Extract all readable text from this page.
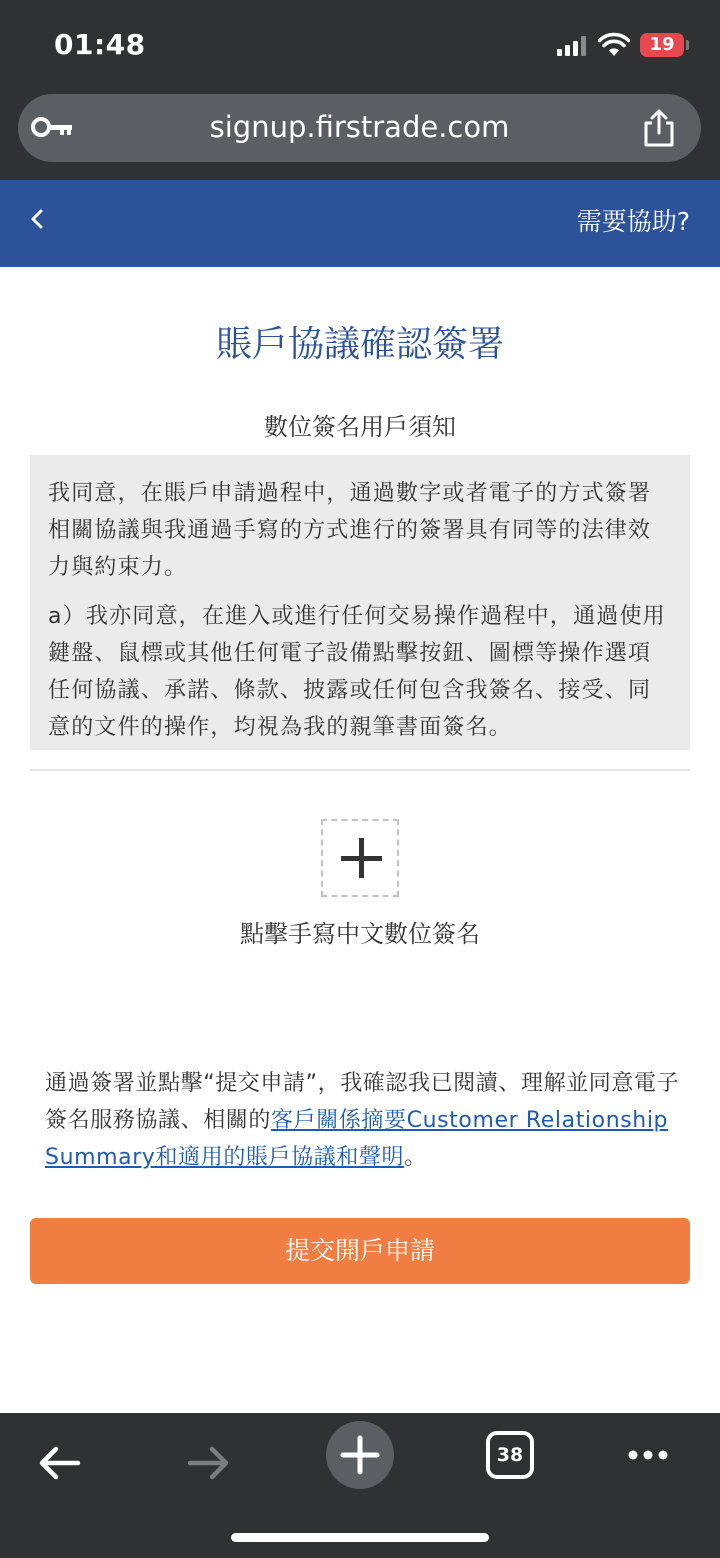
01:48	19
signup.firstrade.com
需要協助?
賬戶協議確認簽署
數位簽名用戶須知

我同意，在賬戶申請過程中，通過數字或者電子的方式簽署相關協議與我通過手寫的方式進行的簽署具有同等的法律效力與約束力。

a）我亦同意，在進入或進行任何交易操作過程中，通過使用鍵盤、鼠標或其他任何電子設備點擊按鈕、圖標等操作選項任何協議、承諾、條款、披露或任何包含我簽名、接受、同意的文件的操作，均視為我的親筆書面簽名。

點擊手寫中文數位簽名
通過簽署並點擊“提交申請”，我確認我已閱讀、理解並同意電子簽名服務協議、相關的客戶關係摘要Customer Relationship Summary和適用的賬戶協議和聲明。
提交開戶申請
38
